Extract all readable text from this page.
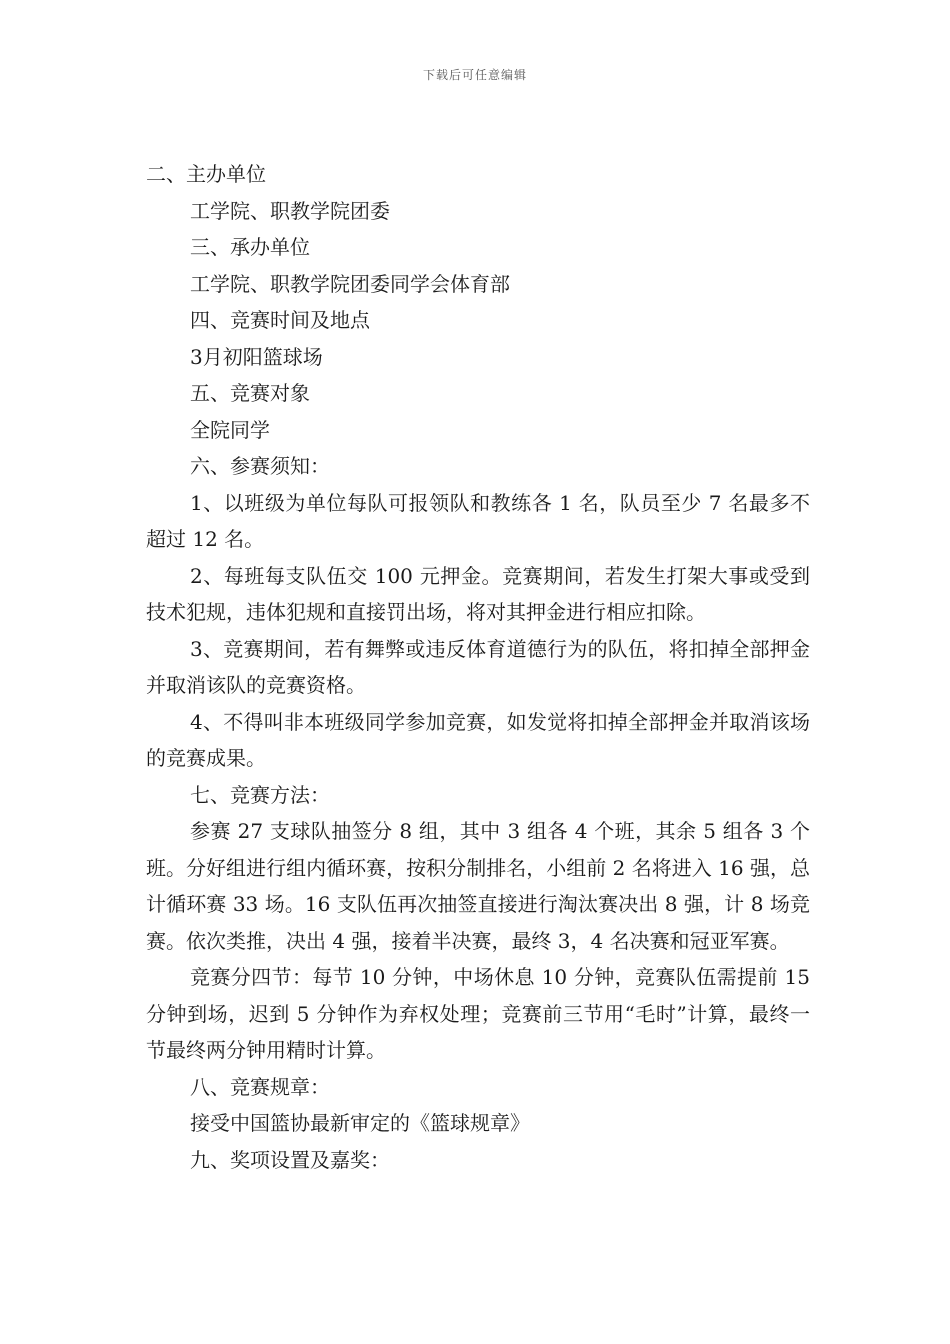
下载后可任意编辑

二、主办单位

工学院、职教学院团委

三、承办单位

工学院、职教学院团委同学会体育部

四、竞赛时间及地点

3月初阳篮球场

五、竞赛对象

全院同学

六、参赛须知：

1、以班级为单位每队可报领队和教练各 1 名，队员至少 7 名最多不超过 12 名。

2、每班每支队伍交 100 元押金。竞赛期间，若发生打架大事或受到技术犯规，违体犯规和直接罚出场，将对其押金进行相应扣除。

3、竞赛期间，若有舞弊或违反体育道德行为的队伍，将扣掉全部押金并取消该队的竞赛资格。

4、不得叫非本班级同学参加竞赛，如发觉将扣掉全部押金并取消该场的竞赛成果。

七、竞赛方法：

参赛 27 支球队抽签分 8 组，其中 3 组各 4 个班，其余 5 组各 3 个班。分好组进行组内循环赛，按积分制排名，小组前 2 名将进入 16 强，总计循环赛 33 场。16 支队伍再次抽签直接进行淘汰赛决出 8 强，计 8 场竞赛。依次类推，决出 4 强，接着半决赛，最终 3，4 名决赛和冠亚军赛。

竞赛分四节：每节 10 分钟，中场休息 10 分钟，竞赛队伍需提前 15 分钟到场，迟到 5 分钟作为弃权处理；竞赛前三节用“毛时”计算，最终一节最终两分钟用精时计算。

八、竞赛规章：

接受中国篮协最新审定的《篮球规章》

九、奖项设置及嘉奖：
